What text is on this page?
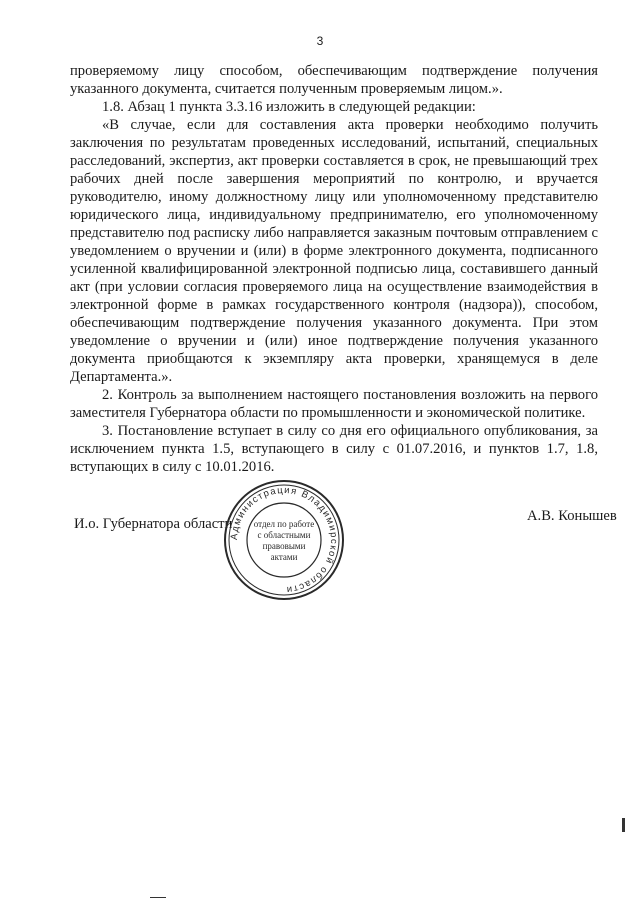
3

проверяемому лицу способом, обеспечивающим подтверждение получения указанного документа, считается полученным проверяемым лицом.».

1.8. Абзац 1 пункта 3.3.16 изложить в следующей редакции:

«В случае, если для составления акта проверки необходимо получить заключения по результатам проведенных исследований, испытаний, специальных расследований, экспертиз, акт проверки составляется в срок, не превышающий трех рабочих дней после завершения мероприятий по контролю, и вручается руководителю, иному должностному лицу или уполномоченному представителю юридического лица, индивидуальному предпринимателю, его уполномоченному представителю под расписку либо направляется заказным почтовым отправлением с уведомлением о вручении и (или) в форме электронного документа, подписанного усиленной квалифицированной электронной подписью лица, составившего данный акт (при условии согласия проверяемого лица на осуществление взаимодействия в электронной форме в рамках государственного контроля (надзора)), способом, обеспечивающим подтверждение получения указанного документа. При этом уведомление о вручении и (или) иное подтверждение получения указанного документа приобщаются к экземпляру акта проверки, хранящемуся в деле Департамента.».

2. Контроль за выполнением настоящего постановления возложить на первого заместителя Губернатора области по промышленности и экономической политике.

3. Постановление вступает в силу со дня его официального опубликования, за исключением пункта 1.5, вступающего в силу с 01.07.2016, и пунктов 1.7, 1.8, вступающих в силу с 10.01.2016.

И.о. Губернатора области	А.В. Конышев
Администрация Владимирской области
отдел по работе
с областными
правовыми
актами
